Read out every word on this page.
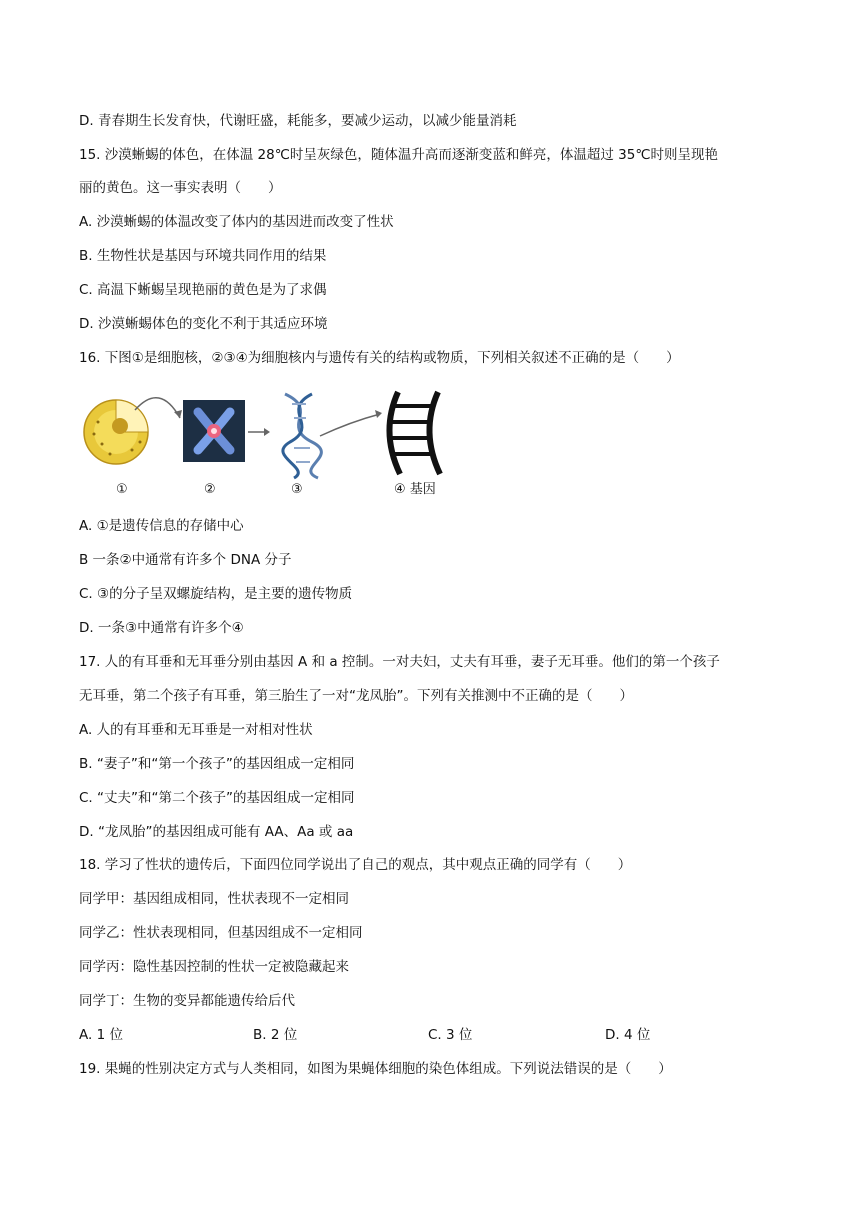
D. 青春期生长发育快，代谢旺盛，耗能多，要减少运动，以减少能量消耗
15. 沙漠蜥蜴的体色，在体温 28℃时呈灰绿色，随体温升高而逐渐变蓝和鲜亮，体温超过 35℃时则呈现艳
丽的黄色。这一事实表明（　　）
A. 沙漠蜥蜴的体温改变了体内的基因进而改变了性状
B. 生物性状是基因与环境共同作用的结果
C. 高温下蜥蜴呈现艳丽的黄色是为了求偶
D. 沙漠蜥蜴体色的变化不利于其适应环境
16. 下图①是细胞核，②③④为细胞核内与遗传有关的结构或物质，下列相关叙述不正确的是（　　）
①	②	③	④ 基因
A. ①是遗传信息的存储中心
B 一条②中通常有许多个 DNA 分子
C. ③的分子呈双螺旋结构，是主要的遗传物质
D. 一条③中通常有许多个④
17. 人的有耳垂和无耳垂分别由基因 A 和 a 控制。一对夫妇，丈夫有耳垂，妻子无耳垂。他们的第一个孩子
无耳垂，第二个孩子有耳垂，第三胎生了一对“龙凤胎”。下列有关推测中不正确的是（　　）
A. 人的有耳垂和无耳垂是一对相对性状
B. “妻子”和“第一个孩子”的基因组成一定相同
C. “丈夫”和“第二个孩子”的基因组成一定相同
D. “龙凤胎”的基因组成可能有 AA、Aa 或 aa
18. 学习了性状的遗传后，下面四位同学说出了自己的观点，其中观点正确的同学有（　　）
同学甲：基因组成相同，性状表现不一定相同
同学乙：性状表现相同，但基因组成不一定相同
同学丙：隐性基因控制的性状一定被隐藏起来
同学丁：生物的变异都能遗传给后代
A. 1 位	B. 2 位	C. 3 位	D. 4 位
19. 果蝇的性别决定方式与人类相同，如图为果蝇体细胞的染色体组成。下列说法错误的是（　　）
